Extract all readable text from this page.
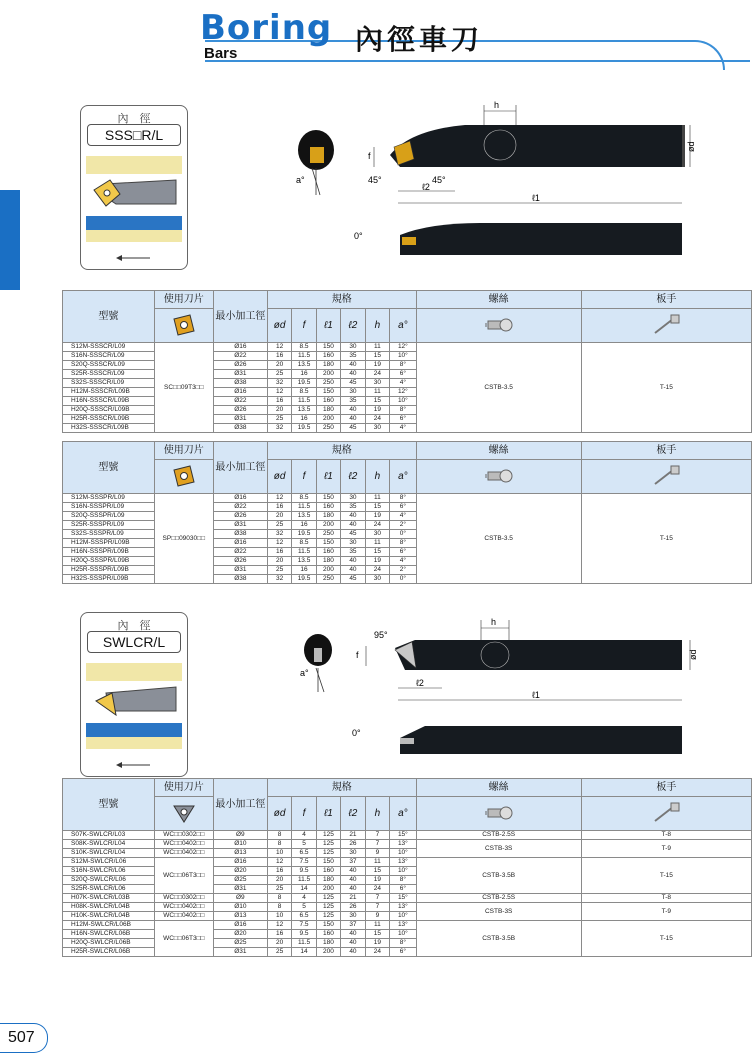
Boring
Bars	內徑車刀
內　徑
SSS□R/L
a°
h
ød
f
45°	45°
ℓ2
ℓ1
0°
型號	使用刀片	最小加工徑	規格						螺絲	板手
	ød	f	ℓ1	ℓ2	h	a°		
S12M-SSSCR/L09	SC□□09T3□□	Ø16	12	8.5	150	30	11	12°	CSTB-3.5	T-15
S16N-SSSCR/L09		Ø22	16	11.5	160	35	15	10°		
S20Q-SSSCR/L09		Ø26	20	13.5	180	40	19	8°		
S25R-SSSCR/L09		Ø31	25	16	200	40	24	6°		
S32S-SSSCR/L09		Ø38	32	19.5	250	45	30	4°		
H12M-SSSCR/L09B		Ø16	12	8.5	150	30	11	12°		
H16N-SSSCR/L09B		Ø22	16	11.5	160	35	15	10°		
H20Q-SSSCR/L09B		Ø26	20	13.5	180	40	19	8°		
H25R-SSSCR/L09B		Ø31	25	16	200	40	24	6°		
H32S-SSSCR/L09B		Ø38	32	19.5	250	45	30	4°		
型號	使用刀片	最小加工徑	規格						螺絲	板手
	ød	f	ℓ1	ℓ2	h	a°		
S12M-SSSPR/L09	SP□□09030□□	Ø16	12	8.5	150	30	11	8°	CSTB-3.5	T-15
S16N-SSSPR/L09		Ø22	16	11.5	160	35	15	6°		
S20Q-SSSPR/L09		Ø26	20	13.5	180	40	19	4°		
S25R-SSSPR/L09		Ø31	25	16	200	40	24	2°		
S32S-SSSPR/L09		Ø38	32	19.5	250	45	30	0°		
H12M-SSSPR/L09B		Ø16	12	8.5	150	30	11	8°		
H16N-SSSPR/L09B		Ø22	16	11.5	160	35	15	6°		
H20Q-SSSPR/L09B		Ø26	20	13.5	180	40	19	4°		
H25R-SSSPR/L09B		Ø31	25	16	200	40	24	2°		
H32S-SSSPR/L09B		Ø38	32	19.5	250	45	30	0°		
內　徑
SWLCR/L
a°
h
ød
f
95°
ℓ2
ℓ1
0°
型號	使用刀片	最小加工徑	規格						螺絲	板手
	ød	f	ℓ1	ℓ2	h	a°		
S07K-SWLCR/L03	WC□□0302□□	Ø9	8	4	125	21	7	15°	CSTB-2.5S	T-8
S08K-SWLCR/L04	WC□□0402□□	Ø10	8	5	125	26	7	13°	CSTB-3S	T-9
S10K-SWLCR/L04	WC□□0402□□	Ø13	10	6.5	125	30	9	10°		
S12M-SWLCR/L06	WC□□06T3□□	Ø16	12	7.5	150	37	11	13°	CSTB-3.5B	T-15
S16N-SWLCR/L06		Ø20	16	9.5	160	40	15	10°		
S20Q-SWLCR/L06		Ø25	20	11.5	180	40	19	8°		
S25R-SWLCR/L06		Ø31	25	14	200	40	24	6°		
H07K-SWLCR/L03B	WC□□0302□□	Ø9	8	4	125	21	7	15°	CSTB-2.5S	T-8
H08K-SWLCR/L04B	WC□□0402□□	Ø10	8	5	125	26	7	13°	CSTB-3S	T-9
H10K-SWLCR/L04B	WC□□0402□□	Ø13	10	6.5	125	30	9	10°		
H12M-SWLCR/L06B	WC□□06T3□□	Ø16	12	7.5	150	37	11	13°	CSTB-3.5B	T-15
H16N-SWLCR/L06B		Ø20	16	9.5	160	40	15	10°		
H20Q-SWLCR/L06B		Ø25	20	11.5	180	40	19	8°		
H25R-SWLCR/L06B		Ø31	25	14	200	40	24	6°		
507
